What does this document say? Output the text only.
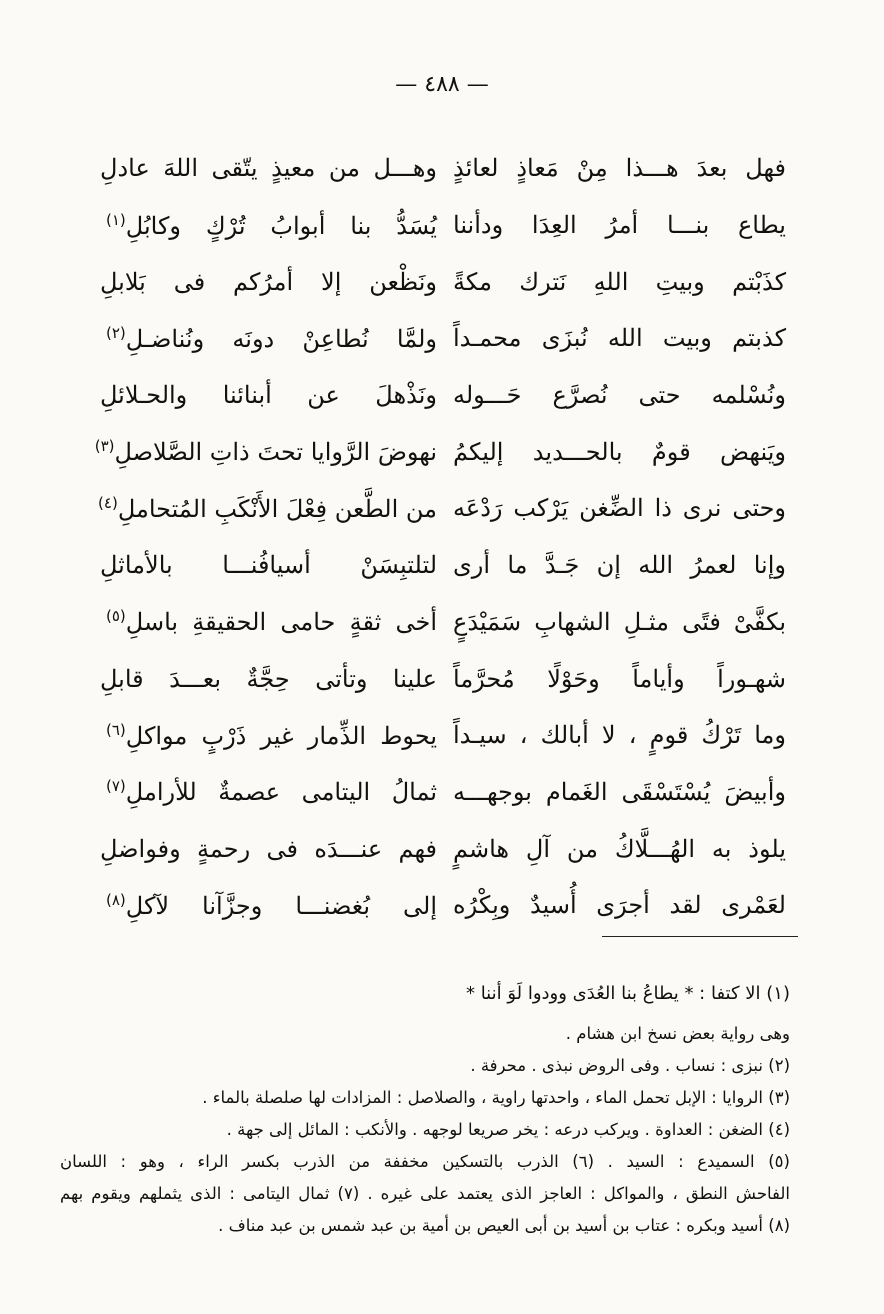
— ٤٨٨ —
فهل بعدَ هـــذا مِنْ مَعاذٍ لعائذٍ
وهـــل من معيذٍ يتّقى اللهَ عادلِ
يطاع بنـــا أمرُ العِدَا ودأننا
يُسَدُّ بنا أبوابُ تُرْكٍ وكابُلِ$^{(١)}$
كذَبْتم وبيتِ اللهِ نَترك مكةً
ونَظْعن إلا أمرُكم فى بَلابلِ
كذبتم وبيت الله نُبزَى محمـداً
ولمَّا نُطاعِنْ دونَه ونُناضـلِ$^{(٢)}$
ونُسْلمه حتى نُصرَّع حَـــوله
ونَذْهلَ عن أبنائنا والحـلائلِ
ويَنهض قومٌ بالحـــديد إليكمُ
نهوضَ الرَّوايا تحتَ ذاتِ الصَّلاصلِ$^{(٣)}$
وحتى نرى ذا الضِّغن يَرْكب رَدْعَه
من الطَّعن فِعْلَ الأَنْكَبِ المُتحاملِ$^{(٤)}$
وإنا لعمرُ الله إن جَـدَّ ما أرى
لتلتبِسَنْ أسيافُنـــا بالأماثلِ
بكفَّىْ فتًى مثـلِ الشهابِ سَمَيْدَعٍ
أخى ثقةٍ حامى الحقيقةِ باسلِ$^{(٥)}$
شهـوراً وأياماً وحَوْلًا مُحرَّماً
علينا وتأتى حِجَّةٌ بعـــدَ قابلِ
وما تَرْكُ قومٍ ، لا أبالك ، سيـداً
يحوط الذِّمار غير ذَرْبٍ مواكلِ$^{(٦)}$
وأبيضَ يُسْتَسْقَى الغَمام بوجهـــه
ثمالُ اليتامى عصمةٌ للأراملِ$^{(٧)}$
يلوذ به الهُـــلَّاكُ من آلِ هاشمٍ
فهم عنـــدَه فى رحمةٍ وفواضلِ
لعَمْرى لقد أجرَى أُسيدٌ وبِكْرُه
إلى بُغضنـــا وجزَّآنا لآكلِ$^{(٨)}$
(١) الا كتفا : * يطاعُ بنا العُدَى وودوا لَوَ أننا *
وهى رواية بعض نسخ ابن هشام .
(٢) نبزى : نساب . وفى الروض نبذى . محرفة .
(٣) الروايا : الإبل تحمل الماء ، واحدتها راوية ، والصلاصل : المزادات لها صلصلة بالماء .
(٤) الضغن : العداوة . ويركب درعه : يخر صريعا لوجهه . والأنكب : المائل إلى جهة .
(٥) السميدع : السيد . (٦) الذرب بالتسكين مخففة من الذرب بكسر الراء ، وهو : اللسان
الفاحش النطق ، والمواكل : العاجز الذى يعتمد على غيره . (٧) ثمال اليتامى : الذى يثملهم ويقوم بهم
(٨) أسيد وبكره : عتاب بن أسيد بن أبى العيص بن أمية بن عبد شمس بن عبد مناف .
